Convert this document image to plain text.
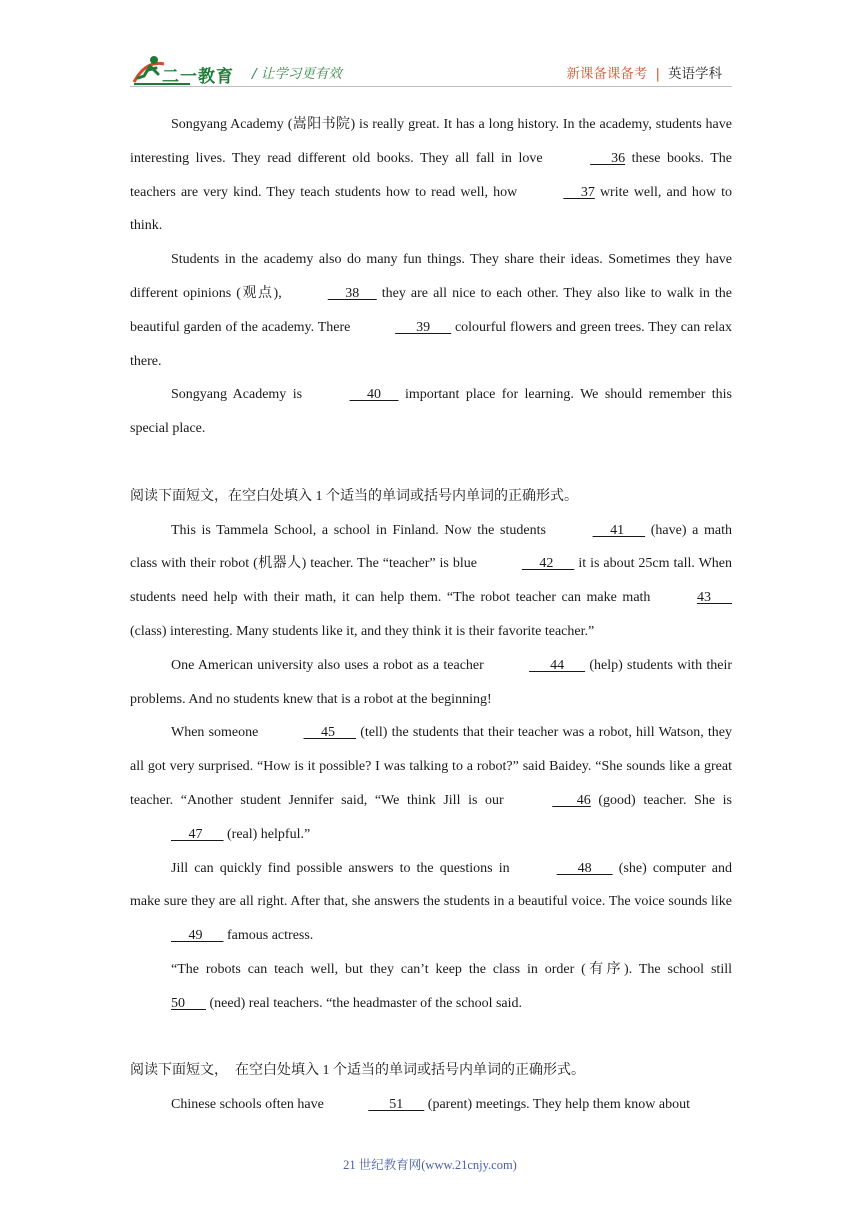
二一教育 / 让学习更有效	新课备课备考 | 英语学科

Songyang Academy (嵩阳书院) is really great. It has a long history. In the academy, students have interesting lives. They read different old books. They all fall in love	36 these books. The teachers are very kind. They teach students how to read well, how	37 write well, and how to think.

Students in the academy also do many fun things. They share their ideas. Sometimes they have different opinions (观点),	38      they are all nice to each other. They also like to walk in the beautiful garden of the academy. There	39       colourful flowers and green trees. They can relax there.

Songyang Academy is	40      important place for learning. We should remember this special place.

阅读下面短文，在空白处填入 1 个适当的单词或括号内单词的正确形式。

This is Tammela School, a school in Finland. Now the students	41       (have) a math class with their robot (机器人) teacher. The “teacher” is blue	42       it is about 25cm tall. When students need help with their math, it can help them. “The robot teacher can make math	43       (class) interesting. Many students like it, and they think it is their favorite teacher.”

One American university also uses a robot as a teacher	44       (help) students with their problems. And no students knew that is a robot at the beginning!

When someone	45       (tell) the students that their teacher was a robot, hill Watson, they all got very surprised. “How is it possible? I was talking to a robot?” said Baidey. “She sounds like a great teacher. “Another student Jennifer said, “We think Jill is our	46 (good) teacher. She is      47       (real) helpful.”

Jill can quickly find possible answers to the questions in	48       (she) computer and make sure they are all right. After that, she answers the students in a beautiful voice. The voice sounds like      49       famous actress.

“The robots can teach well, but they can’t keep the class in order (有序). The school still 50       (need) real teachers. “the headmaster of the school said.

阅读下面短文，　在空白处填入 1 个适当的单词或括号内单词的正确形式。

Chinese schools often have	51       (parent) meetings. They help them know about

21 世纪教育网(www.21cnjy.com)
